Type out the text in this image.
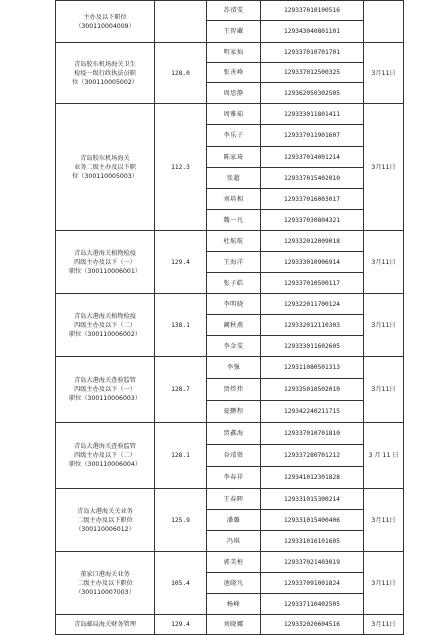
主办及以下职位
（300110004009）		苏靖雯	129337010100516	
		王智藏	129343040801101	

青岛胶东机场海关卫生
检疫一级行政执法员职
位（300110005002）	128.0	明家灿	129337010701701	3月11日
		张善峰	129337012500325	
		周思静	129362050302505	

青岛胶东机场海关
业务二级主办及以下职
位（300110005003）	112.3	周雅茹	129333011801411	3月11日
		李乐子	129337011901607	
		陈家琦	129337014001214	
		张超	129337015402010	
		刘培相	129337016003017	
		魏一凡	129337030804321	

青岛大港海关植物检疫
四级主办及以下（一）
职位（300110006001）	129.4	杜航航	129332012009018	3月11日
		王海洋	129333010906914	
		张子皓	129337010500117	

青岛大港海关植物检疫
四级主办及以下（二）
职位（300110006002）	138.1	李明晓	129322011700124	3月11日
		阚秋燕	129332012110303	
		李金雯	129333011602605	

青岛大港海关查验监管
四级主办及以下（一）
职位（300110006003）	128.7	李强	129311080501313	3月11日
		贾炜炜	129335010502010	
		夏鹏程	129342240211715	

青岛大港海关查验监管
四级主办及以下（二）
职位（300110006004）	128.1	贾鑫海	129337010701810	3 月 11 日
		谷靖资	129337280701212	
		李春祥	129341012301828	

青岛大港海关关业务
二级主办及以下职位
（300110006012）	125.9	王春晖	129331015300214	3月11日
		潘璐	129331015400406	
		冯琪	129331016101605	

董家口港海关业务
二级主办及以下职位
（300110007003）	105.4	郭美桓	129337021403019	3月11日
		池晓凡	129337091001824	
		杨峰	129337110402505	

青岛邮局海关财务管理	129.4	刘晓娜	129332020604516	3月11日
